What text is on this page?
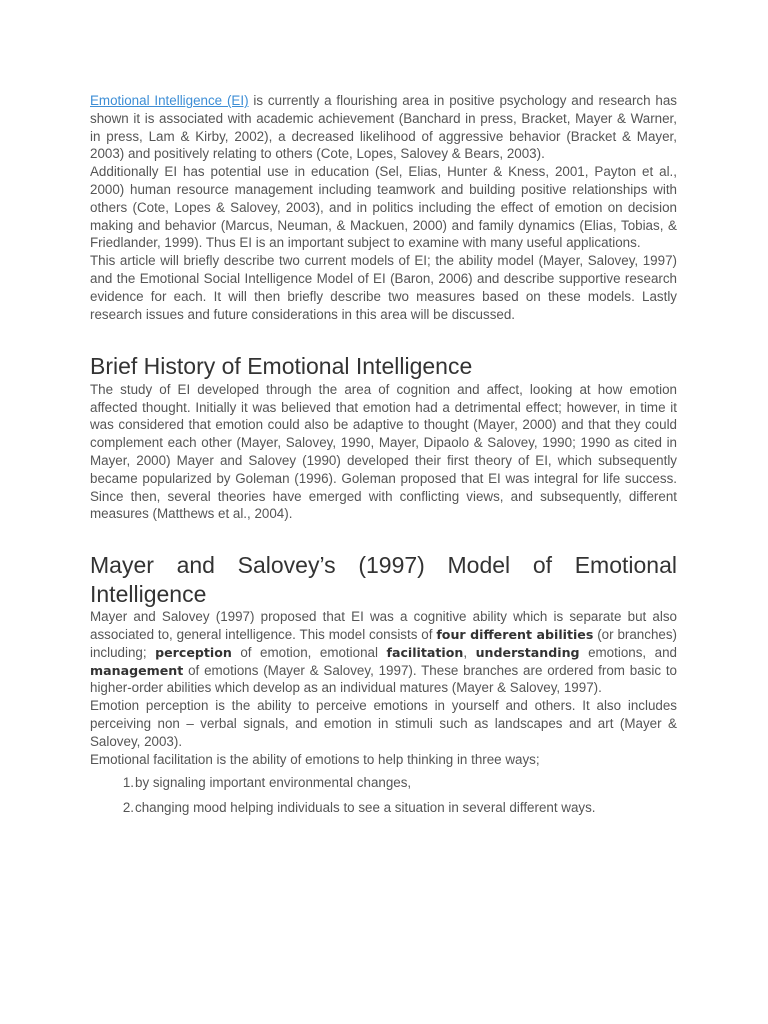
Emotional Intelligence (EI) is currently a flourishing area in positive psychology and research has shown it is associated with academic achievement (Banchard in press, Bracket, Mayer & Warner, in press, Lam & Kirby, 2002), a decreased likelihood of aggressive behavior (Bracket & Mayer, 2003) and positively relating to others (Cote, Lopes, Salovey & Bears, 2003).

Additionally EI has potential use in education (Sel, Elias, Hunter & Kness, 2001, Payton et al., 2000) human resource management including teamwork and building positive relationships with others (Cote, Lopes & Salovey, 2003), and in politics including the effect of emotion on decision making and behavior (Marcus, Neuman, & Mackuen, 2000) and family dynamics (Elias, Tobias, & Friedlander, 1999). Thus EI is an important subject to examine with many useful applications.

This article will briefly describe two current models of EI; the ability model (Mayer, Salovey, 1997) and the Emotional Social Intelligence Model of EI (Baron, 2006) and describe supportive research evidence for each. It will then briefly describe two measures based on these models. Lastly research issues and future considerations in this area will be discussed.

Brief History of Emotional Intelligence

The study of EI developed through the area of cognition and affect, looking at how emotion affected thought. Initially it was believed that emotion had a detrimental effect; however, in time it was considered that emotion could also be adaptive to thought (Mayer, 2000) and that they could complement each other (Mayer, Salovey, 1990, Mayer, Dipaolo & Salovey, 1990; 1990 as cited in Mayer, 2000) Mayer and Salovey (1990) developed their first theory of EI, which subsequently became popularized by Goleman (1996). Goleman proposed that EI was integral for life success. Since then, several theories have emerged with conflicting views, and subsequently, different measures (Matthews et al., 2004).

Mayer and Salovey’s (1997) Model of Emotional Intelligence

Mayer and Salovey (1997) proposed that EI was a cognitive ability which is separate but also associated to, general intelligence. This model consists of four different abilities (or branches) including; perception of emotion, emotional facilitation, understanding emotions, and management of emotions (Mayer & Salovey, 1997). These branches are ordered from basic to higher-order abilities which develop as an individual matures (Mayer & Salovey, 1997).

Emotion perception is the ability to perceive emotions in yourself and others. It also includes perceiving non – verbal signals, and emotion in stimuli such as landscapes and art (Mayer & Salovey, 2003).

Emotional facilitation is the ability of emotions to help thinking in three ways;

1. by signaling important environmental changes,
2. changing mood helping individuals to see a situation in several different ways.
